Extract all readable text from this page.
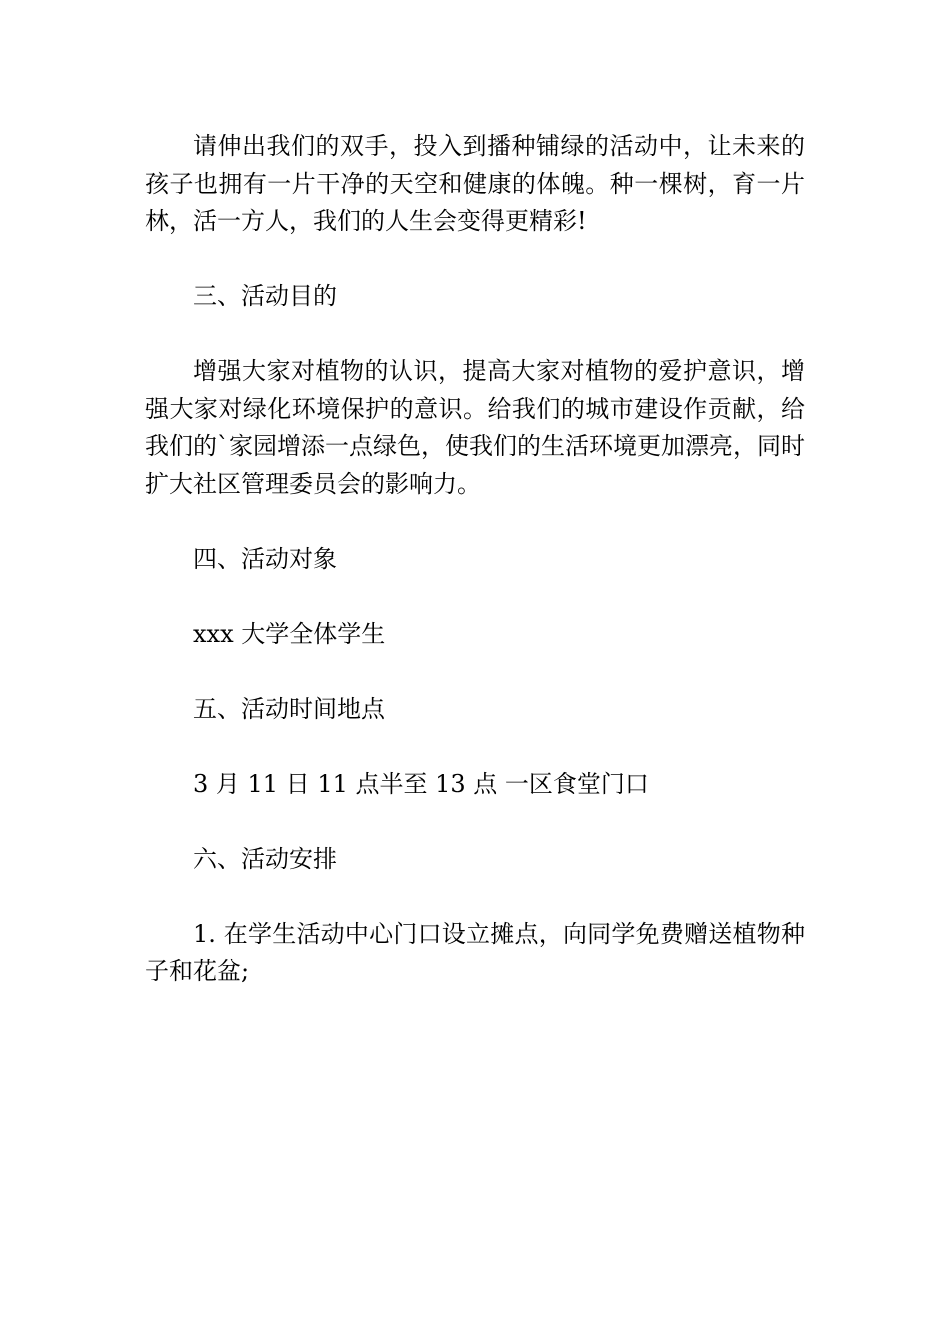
请伸出我们的双手，投入到播种铺绿的活动中，让未来的孩子也拥有一片干净的天空和健康的体魄。种一棵树，育一片林，活一方人，我们的人生会变得更精彩!

三、活动目的

增强大家对植物的认识，提高大家对植物的爱护意识，增强大家对绿化环境保护的意识。给我们的城市建设作贡献，给我们的`家园增添一点绿色，使我们的生活环境更加漂亮，同时扩大社区管理委员会的影响力。

四、活动对象

xxx 大学全体学生

五、活动时间地点

3 月 11 日 11 点半至 13 点 一区食堂门口

六、活动安排

1. 在学生活动中心门口设立摊点，向同学免费赠送植物种子和花盆;
